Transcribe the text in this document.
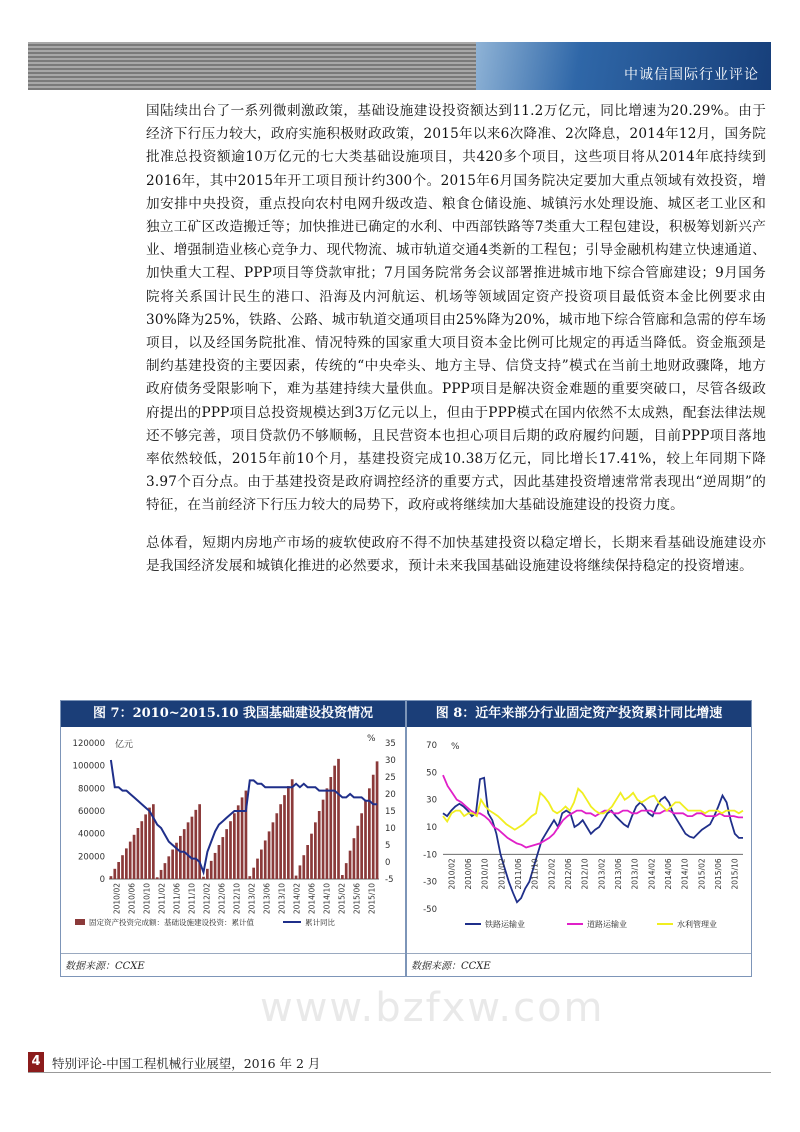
中诚信国际行业评论

国陆续出台了一系列微刺激政策，基础设施建设投资额达到11.2万亿元，同比增速为20.29%。由于经济下行压力较大，政府实施积极财政政策，2015年以来6次降准、2次降息，2014年12月，国务院批准总投资额逾10万亿元的七大类基础设施项目，共420多个项目，这些项目将从2014年底持续到2016年，其中2015年开工项目预计约300个。2015年6月国务院决定要加大重点领域有效投资，增加安排中央投资，重点投向农村电网升级改造、粮食仓储设施、城镇污水处理设施、城区老工业区和独立工矿区改造搬迁等；加快推进已确定的水利、中西部铁路等7类重大工程包建设，积极筹划新兴产业、增强制造业核心竞争力、现代物流、城市轨道交通4类新的工程包；引导金融机构建立快速通道、加快重大工程、PPP项目等贷款审批；7月国务院常务会议部署推进城市地下综合管廊建设；9月国务院将关系国计民生的港口、沿海及内河航运、机场等领域固定资产投资项目最低资本金比例要求由30%降为25%，铁路、公路、城市轨道交通项目由25%降为20%，城市地下综合管廊和急需的停车场项目，以及经国务院批准、情况特殊的国家重大项目资本金比例可比规定的再适当降低。资金瓶颈是制约基建投资的主要因素，传统的“中央牵头、地方主导、信贷支持”模式在当前土地财政骤降，地方政府债务受限影响下，难为基建持续大量供血。PPP项目是解决资金难题的重要突破口，尽管各级政府提出的PPP项目总投资规模达到3万亿元以上，但由于PPP模式在国内依然不太成熟，配套法律法规还不够完善，项目贷款仍不够顺畅，且民营资本也担心项目后期的政府履约问题，目前PPP项目落地率依然较低，2015年前10个月，基建投资完成10.38万亿元，同比增长17.41%，较上年同期下降3.97个百分点。由于基建投资是政府调控经济的重要方式，因此基建投资增速常常表现出“逆周期”的特征，在当前经济下行压力较大的局势下，政府或将继续加大基础设施建设的投资力度。

总体看，短期内房地产市场的疲软使政府不得不加快基建投资以稳定增长，长期来看基础设施建设亦是我国经济发展和城镇化推进的必然要求，预计未来我国基础设施建设将继续保持稳定的投资增速。

图 7：2010~2015.10 我国基础建设投资情况
亿元
%
0
20000
40000
60000
80000
100000
120000
-5
0
5
10
15
20
25
30
35
2010/02 2010/06 2010/10 2011/02 2011/06 2011/10 2012/02 2012/06 2012/10 2013/02 2013/06 2013/10 2014/02 2014/06 2014/10 2015/02 2015/06 2015/10
固定资产投资完成额：基础设施建设投资：累计值	累计同比
数据来源：CCXE
图 8：近年来部分行业固定资产投资累计同比增速
%
70
50
30
10
-10
-30
-50
2010/02 2010/06 2010/10 2011/02 2011/06 2011/10 2012/02 2012/06 2012/10 2013/02 2013/06 2013/10 2014/02 2014/06 2014/10 2015/02 2015/06 2015/10
铁路运输业	道路运输业	水利管理业
数据来源：CCXE
www.bzfxw.com
4 特别评论-中国工程机械行业展望，2016 年 2 月
